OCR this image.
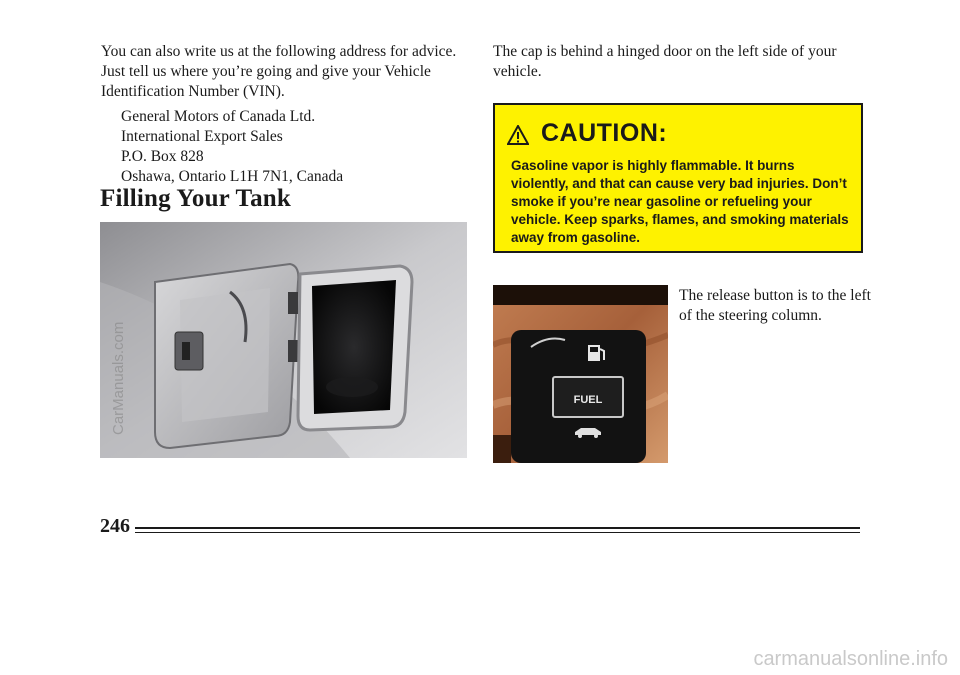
You can also write us at the following address for advice. Just tell us where you’re going and give your Vehicle Identification Number (VIN).
General Motors of Canada Ltd.
International Export Sales
P.O. Box 828
Oshawa, Ontario L1H 7N1, Canada
Filling Your Tank
The cap is behind a hinged door on the left side of your vehicle.
CAUTION:
Gasoline vapor is highly flammable. It burns violently, and that can cause very bad injuries. Don’t smoke if you’re near gasoline or refueling your vehicle. Keep sparks, flames, and smoking materials away from gasoline.
FUEL
The release button is to the left of the steering column.
246
CarManuals.com
carmanualsonline.info
